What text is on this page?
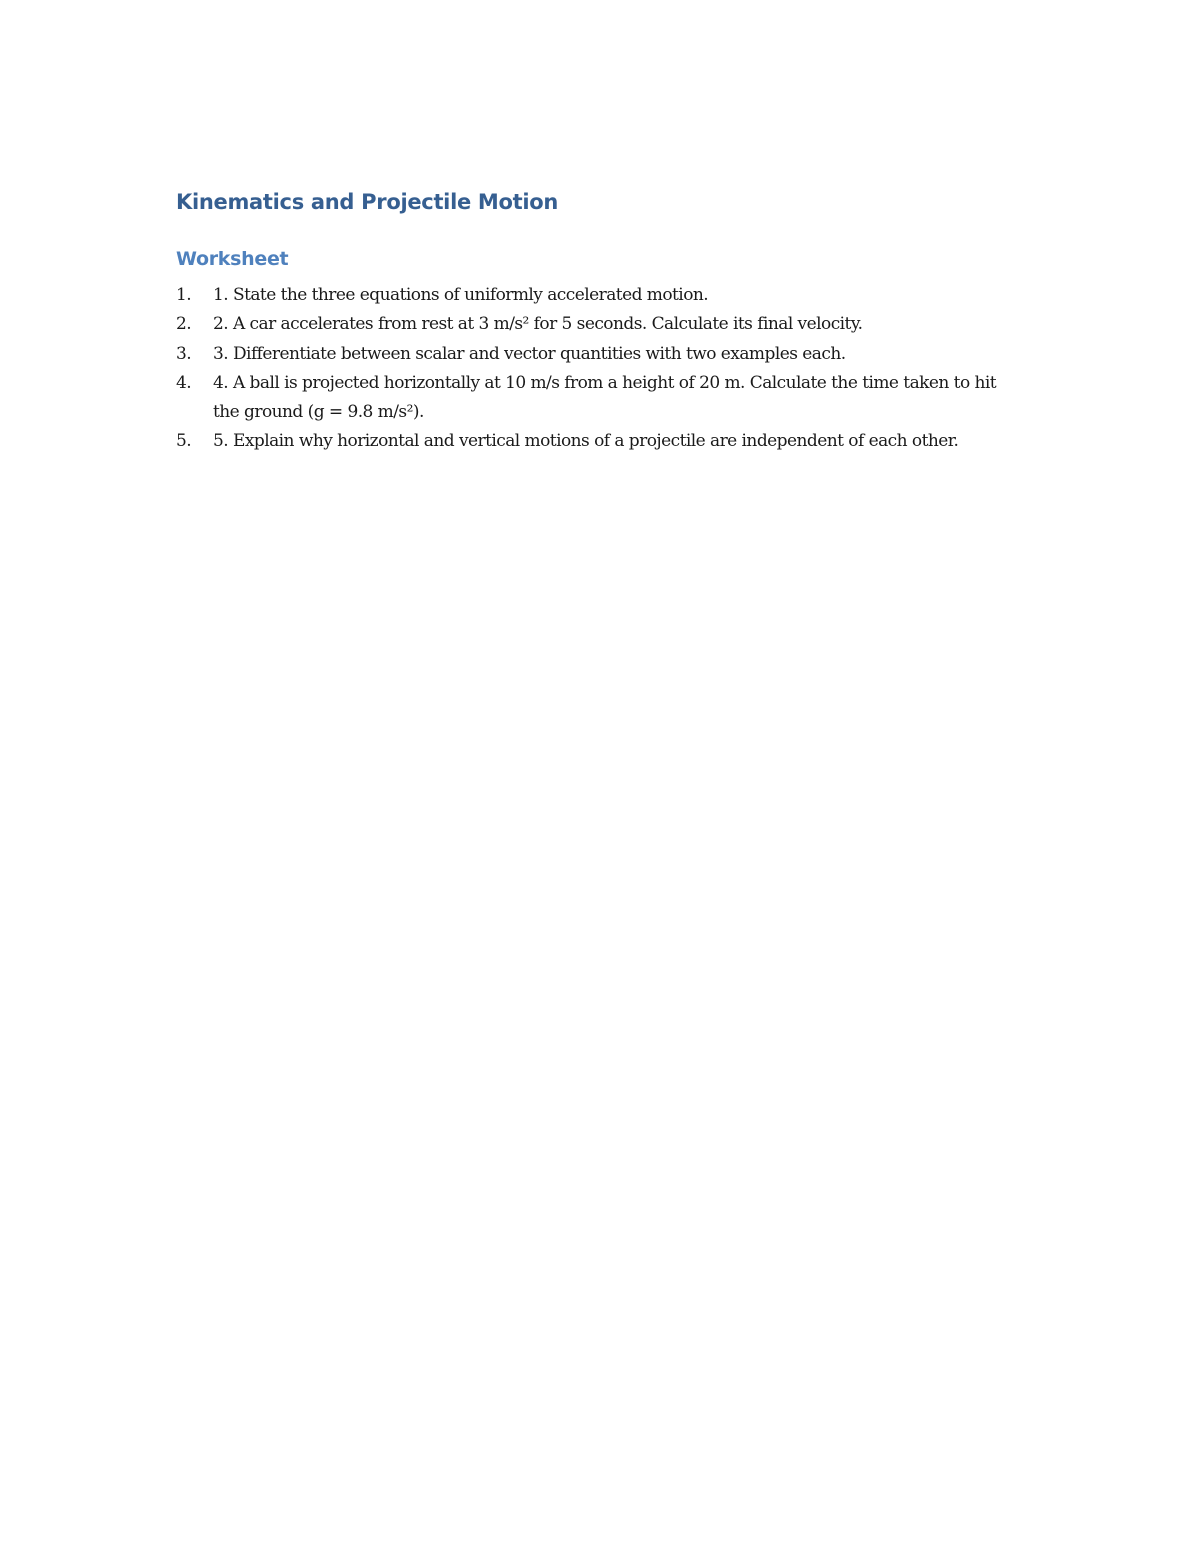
Kinematics and Projectile Motion
Worksheet
1.	1. State the three equations of uniformly accelerated motion.
2.	2. A car accelerates from rest at 3 m/s² for 5 seconds. Calculate its final velocity.
3.	3. Differentiate between scalar and vector quantities with two examples each.
4.	4. A ball is projected horizontally at 10 m/s from a height of 20 m. Calculate the time taken to hit the ground (g = 9.8 m/s²).
5.	5. Explain why horizontal and vertical motions of a projectile are independent of each other.
